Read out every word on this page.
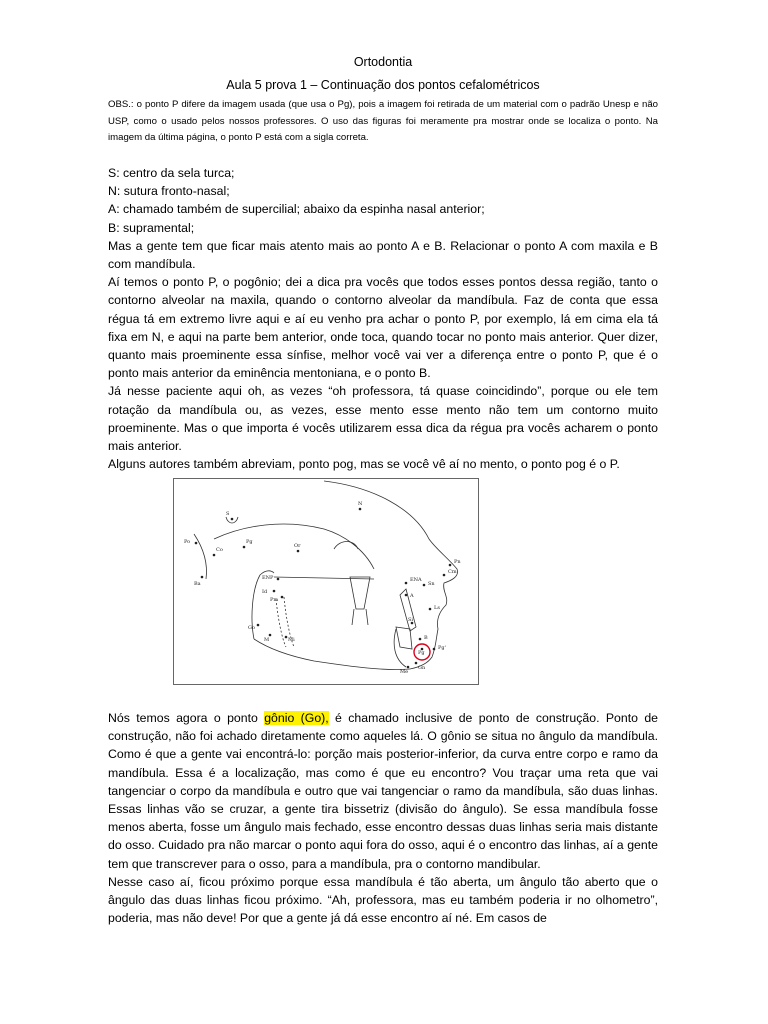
Ortodontia
Aula 5 prova 1 – Continuação dos pontos cefalométricos
OBS.: o ponto P difere da imagem usada (que usa o Pg), pois a imagem foi retirada de um material com o padrão Unesp e não USP, como o usado pelos nossos professores. O uso das figuras foi meramente pra mostrar onde se localiza o ponto. Na imagem da última página, o ponto P está com a sigla correta.

S: centro da sela turca;

N: sutura fronto-nasal;

A: chamado também de supercilial; abaixo da espinha nasal anterior;

B: supramental;

Mas a gente tem que ficar mais atento mais ao ponto A e B. Relacionar o ponto A com maxila e B com mandíbula.

Aí temos o ponto P, o pogônio; dei a dica pra vocês que todos esses pontos dessa região, tanto o contorno alveolar na maxila, quando o contorno alveolar da mandíbula. Faz de conta que essa régua tá em extremo livre aqui e aí eu venho pra achar o ponto P, por exemplo, lá em cima ela tá fixa em N, e aqui na parte bem anterior, onde toca, quando tocar no ponto mais anterior. Quer dizer, quanto mais proeminente essa sínfise, melhor você vai ver a diferença entre o ponto P, que é o ponto mais anterior da eminência mentoniana, e o ponto B.

Já nesse paciente aqui oh, as vezes “oh professora, tá quase coincidindo”, porque ou ele tem rotação da mandíbula ou, as vezes, esse mento esse mento não tem um contorno muito proeminente. Mas o que importa é vocês utilizarem essa dica da régua pra vocês acharem o ponto mais anterior.

Alguns autores também abreviam, ponto pog, mas se você vê aí no mento, o ponto pog é o P.

S
N
Po
Co
Pg
Or
Pn
Cm
Sn
ENP	ENA
A
Ba
Id
Pm
Ls
Go
M	Mi
Si
B
Pg
Pg'
Me
Gn

Nós temos agora o ponto gônio (Go), é chamado inclusive de ponto de construção. Ponto de construção, não foi achado diretamente como aqueles lá. O gônio se situa no ângulo da mandíbula. Como é que a gente vai encontrá-lo: porção mais posterior-inferior, da curva entre corpo e ramo da mandíbula. Essa é a localização, mas como é que eu encontro? Vou traçar uma reta que vai tangenciar o corpo da mandíbula e outro que vai tangenciar o ramo da mandíbula, são duas linhas. Essas linhas vão se cruzar, a gente tira bissetriz (divisão do ângulo). Se essa mandíbula fosse menos aberta, fosse um ângulo mais fechado, esse encontro dessas duas linhas seria mais distante do osso. Cuidado pra não marcar o ponto aqui fora do osso, aqui é o encontro das linhas, aí a gente tem que transcrever para o osso, para a mandíbula, pra o contorno mandibular.

Nesse caso aí, ficou próximo porque essa mandíbula é tão aberta, um ângulo tão aberto que o ângulo das duas linhas ficou próximo. “Ah, professora, mas eu também poderia ir no olhometro”, poderia, mas não deve! Por que a gente já dá esse encontro aí né. Em casos de
